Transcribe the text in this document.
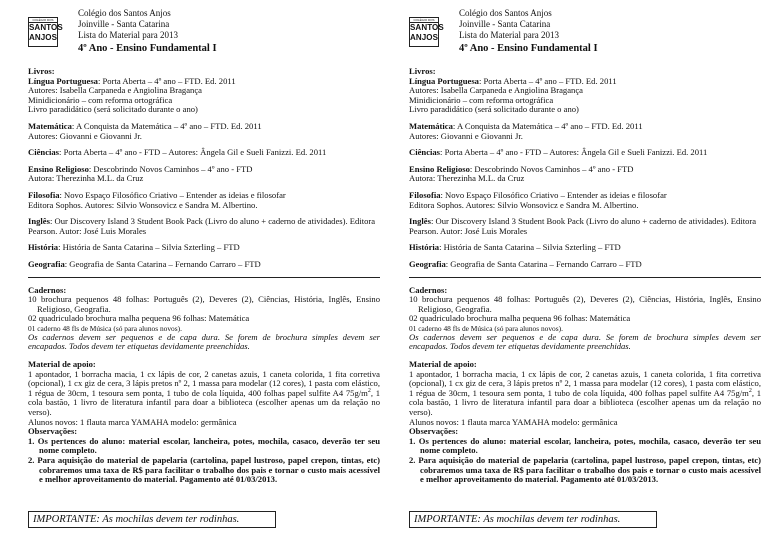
COLÉGIO DOS
SANTOS
ANJOS
Colégio dos Santos Anjos
Joinville - Santa Catarina
Lista do Material para 2013
4º Ano - Ensino Fundamental I

Livros:

Língua Portuguesa: Porta Aberta – 4º ano – FTD. Ed. 2011

Autores: Isabella Carpaneda e Angiolina Bragança

Minidicionário – com reforma ortográfica

Livro paradidático (será solicitado durante o ano)

Matemática: A Conquista da Matemática – 4º ano – FTD. Ed. 2011

Autores: Giovanni e Giovanni Jr.

Ciências: Porta Aberta – 4º ano - FTD – Autores: Ângela Gil e Sueli Fanizzi. Ed. 2011

Ensino Religioso: Descobrindo Novos Caminhos – 4º ano - FTD

Autora: Therezinha M.L. da Cruz

Filosofia: Novo Espaço Filosófico Criativo – Entender as ideias e filosofar

Editora Sophos. Autores: Silvio Wonsovicz e Sandra M. Albertino.

Inglês: Our Discovery Island 3 Student Book Pack (Livro do aluno + caderno de atividades). Editora Pearson. Autor: José Luis Morales

História: História de Santa Catarina – Silvia Szterling – FTD

Geografia: Geografia de Santa Catarina – Fernando Carraro – FTD

Cadernos:

10 brochura pequenos 48 folhas: Português (2), Deveres (2), Ciências, História, Inglês, Ensino Religioso, Geografia.

02 quadriculado brochura malha pequena 96 folhas: Matemática

01 caderno 48 fls de Música (só para alunos novos).

Os cadernos devem ser pequenos e de capa dura. Se forem de brochura simples devem ser encapados. Todos devem ter etiquetas devidamente preenchidas.

Material de apoio:

1 apontador, 1 borracha macia, 1 cx lápis de cor, 2 canetas azuis, 1 caneta colorida, 1 fita corretiva (opcional), 1 cx giz de cera, 3 lápis pretos nº 2, 1 massa para modelar (12 cores), 1 pasta com elástico, 1 régua de 30cm, 1 tesoura sem ponta, 1 tubo de cola líquida, 400 folhas papel sulfite A4 $75g/m^2$, 1 cola bastão, 1 livro de literatura infantil para doar a biblioteca (escolher apenas um da relação no verso).

Alunos novos: 1 flauta marca YAMAHA modelo: germânica

Observações:

1. Os pertences do aluno: material escolar, lancheira, potes, mochila, casaco, deverão ter seu nome completo.

2. Para aquisição do material de papelaria (cartolina, papel lustroso, papel crepon, tintas, etc) cobraremos uma taxa de R$ para facilitar o trabalho dos pais e tornar o custo mais acessível e melhor aproveitamento do material. Pagamento até 01/03/2013.

IMPORTANTE: As mochilas devem ter rodinhas.
COLÉGIO DOS
SANTOS
ANJOS
Colégio dos Santos Anjos
Joinville - Santa Catarina
Lista do Material para 2013
4º Ano - Ensino Fundamental I

Livros:

Língua Portuguesa: Porta Aberta – 4º ano – FTD. Ed. 2011

Autores: Isabella Carpaneda e Angiolina Bragança

Minidicionário – com reforma ortográfica

Livro paradidático (será solicitado durante o ano)

Matemática: A Conquista da Matemática – 4º ano – FTD. Ed. 2011

Autores: Giovanni e Giovanni Jr.

Ciências: Porta Aberta – 4º ano - FTD – Autores: Ângela Gil e Sueli Fanizzi. Ed. 2011

Ensino Religioso: Descobrindo Novos Caminhos – 4º ano - FTD

Autora: Therezinha M.L. da Cruz

Filosofia: Novo Espaço Filosófico Criativo – Entender as ideias e filosofar

Editora Sophos. Autores: Silvio Wonsovicz e Sandra M. Albertino.

Inglês: Our Discovery Island 3 Student Book Pack (Livro do aluno + caderno de atividades). Editora Pearson. Autor: José Luis Morales

História: História de Santa Catarina – Silvia Szterling – FTD

Geografia: Geografia de Santa Catarina – Fernando Carraro – FTD

Cadernos:

10 brochura pequenos 48 folhas: Português (2), Deveres (2), Ciências, História, Inglês, Ensino Religioso, Geografia.

02 quadriculado brochura malha pequena 96 folhas: Matemática

01 caderno 48 fls de Música (só para alunos novos).

Os cadernos devem ser pequenos e de capa dura. Se forem de brochura simples devem ser encapados. Todos devem ter etiquetas devidamente preenchidas.

Material de apoio:

1 apontador, 1 borracha macia, 1 cx lápis de cor, 2 canetas azuis, 1 caneta colorida, 1 fita corretiva (opcional), 1 cx giz de cera, 3 lápis pretos nº 2, 1 massa para modelar (12 cores), 1 pasta com elástico, 1 régua de 30cm, 1 tesoura sem ponta, 1 tubo de cola líquida, 400 folhas papel sulfite A4 $75g/m^2$, 1 cola bastão, 1 livro de literatura infantil para doar a biblioteca (escolher apenas um da relação no verso).

Alunos novos: 1 flauta marca YAMAHA modelo: germânica

Observações:

1. Os pertences do aluno: material escolar, lancheira, potes, mochila, casaco, deverão ter seu nome completo.

2. Para aquisição do material de papelaria (cartolina, papel lustroso, papel crepon, tintas, etc) cobraremos uma taxa de R$ para facilitar o trabalho dos pais e tornar o custo mais acessível e melhor aproveitamento do material. Pagamento até 01/03/2013.

IMPORTANTE: As mochilas devem ter rodinhas.
